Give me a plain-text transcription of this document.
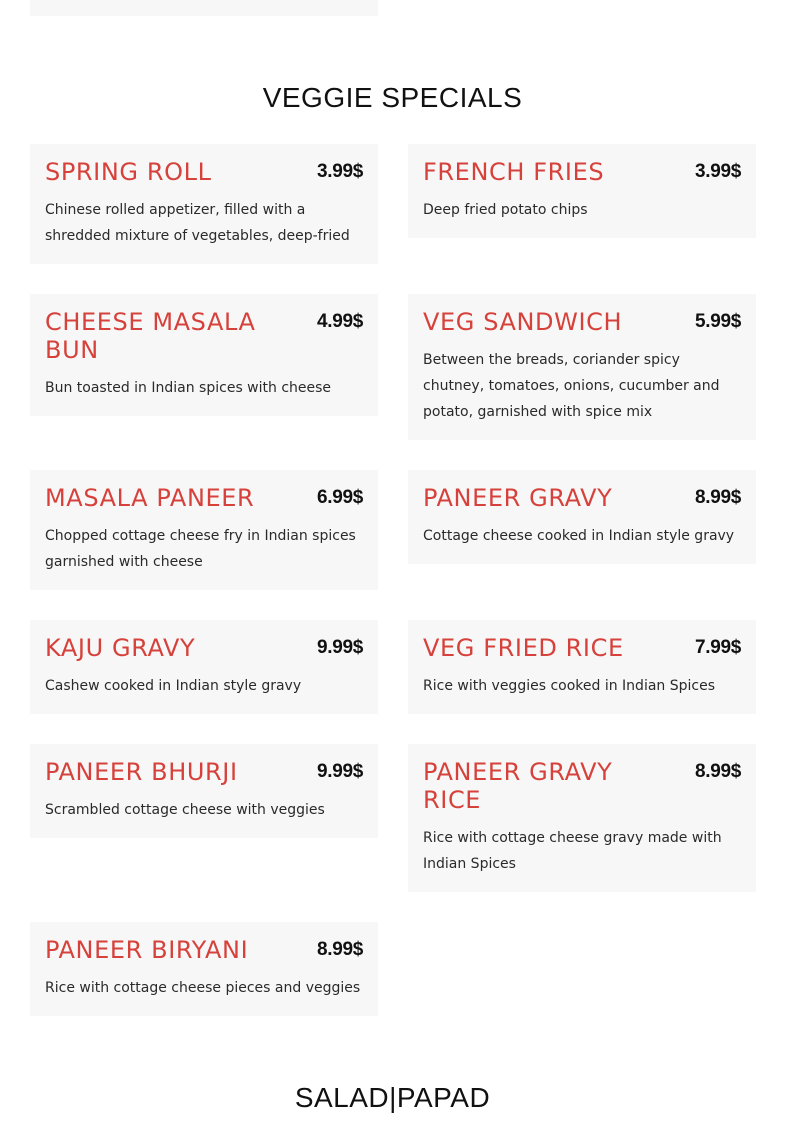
VEGGIE SPECIALS
SPRING ROLL	3.99$
Chinese rolled appetizer, filled with a shredded mixture of vegetables, deep-fried
FRENCH FRIES	3.99$
Deep fried potato chips
CHEESE MASALA BUN
4.99$
Bun toasted in Indian spices with cheese
VEG SANDWICH	5.99$
Between the breads, coriander spicy chutney, tomatoes, onions, cucumber and potato, garnished with spice mix
MASALA PANEER	6.99$
Chopped cottage cheese fry in Indian spices garnished with cheese
PANEER GRAVY	8.99$
Cottage cheese cooked in Indian style gravy
KAJU GRAVY	9.99$
Cashew cooked in Indian style gravy
VEG FRIED RICE	7.99$
Rice with veggies cooked in Indian Spices
PANEER BHURJI	9.99$
Scrambled cottage cheese with veggies
PANEER GRAVY RICE
8.99$
Rice with cottage cheese gravy made with Indian Spices
PANEER BIRYANI	8.99$
Rice with cottage cheese pieces and veggies
SALAD|PAPAD
